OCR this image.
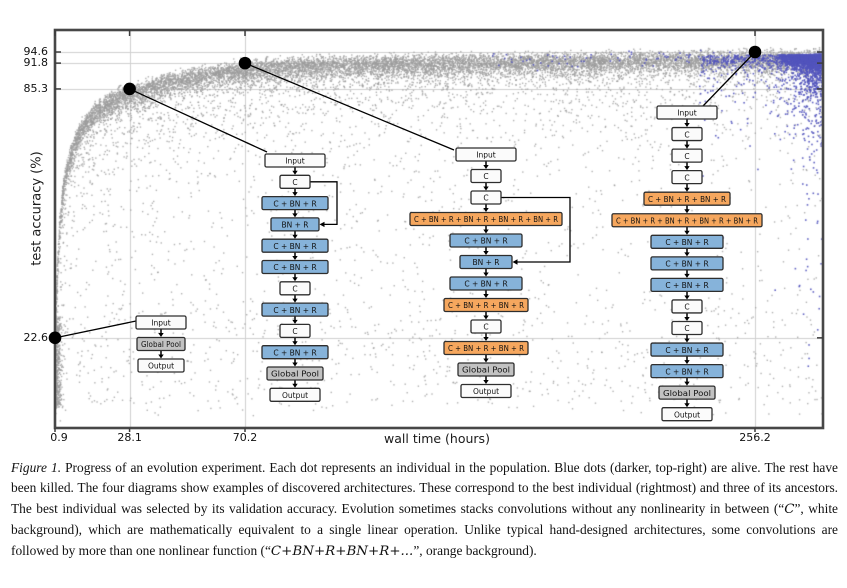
Input
Global Pool
Output
Input
C
C + BN + R
BN + R
C + BN + R
C + BN + R
C
C + BN + R
C
C + BN + R
Global Pool
Output
Input
C
C
C + BN + R + BN + R + BN + R + BN + R
C + BN + R
BN + R
C + BN + R
C + BN + R + BN + R
C
C + BN + R + BN + R
Global Pool
Output
Input
C
C
C
C + BN + R + BN + R
C + BN + R + BN + R + BN + R + BN + R
C + BN + R
C + BN + R
C + BN + R
C
C
C + BN + R
C + BN + R
Global Pool
Output
test accuracy (%)
wall time (hours)
94.6
91.8
85.3
22.6
0.9	28.1	70.2	256.2

Figure 1. Progress of an evolution experiment. Each dot represents an individual in the population. Blue dots (darker, top-right) are alive. The rest have been killed. The four diagrams show examples of discovered architectures. These correspond to the best individual (rightmost) and three of its ancestors. The best individual was selected by its validation accuracy. Evolution sometimes stacks convolutions without any nonlinearity in between (“C”, white background), which are mathematically equivalent to a single linear operation. Unlike typical hand-designed architectures, some convolutions are followed by more than one nonlinear function (“C+BN+R+BN+R+...”, orange background).
